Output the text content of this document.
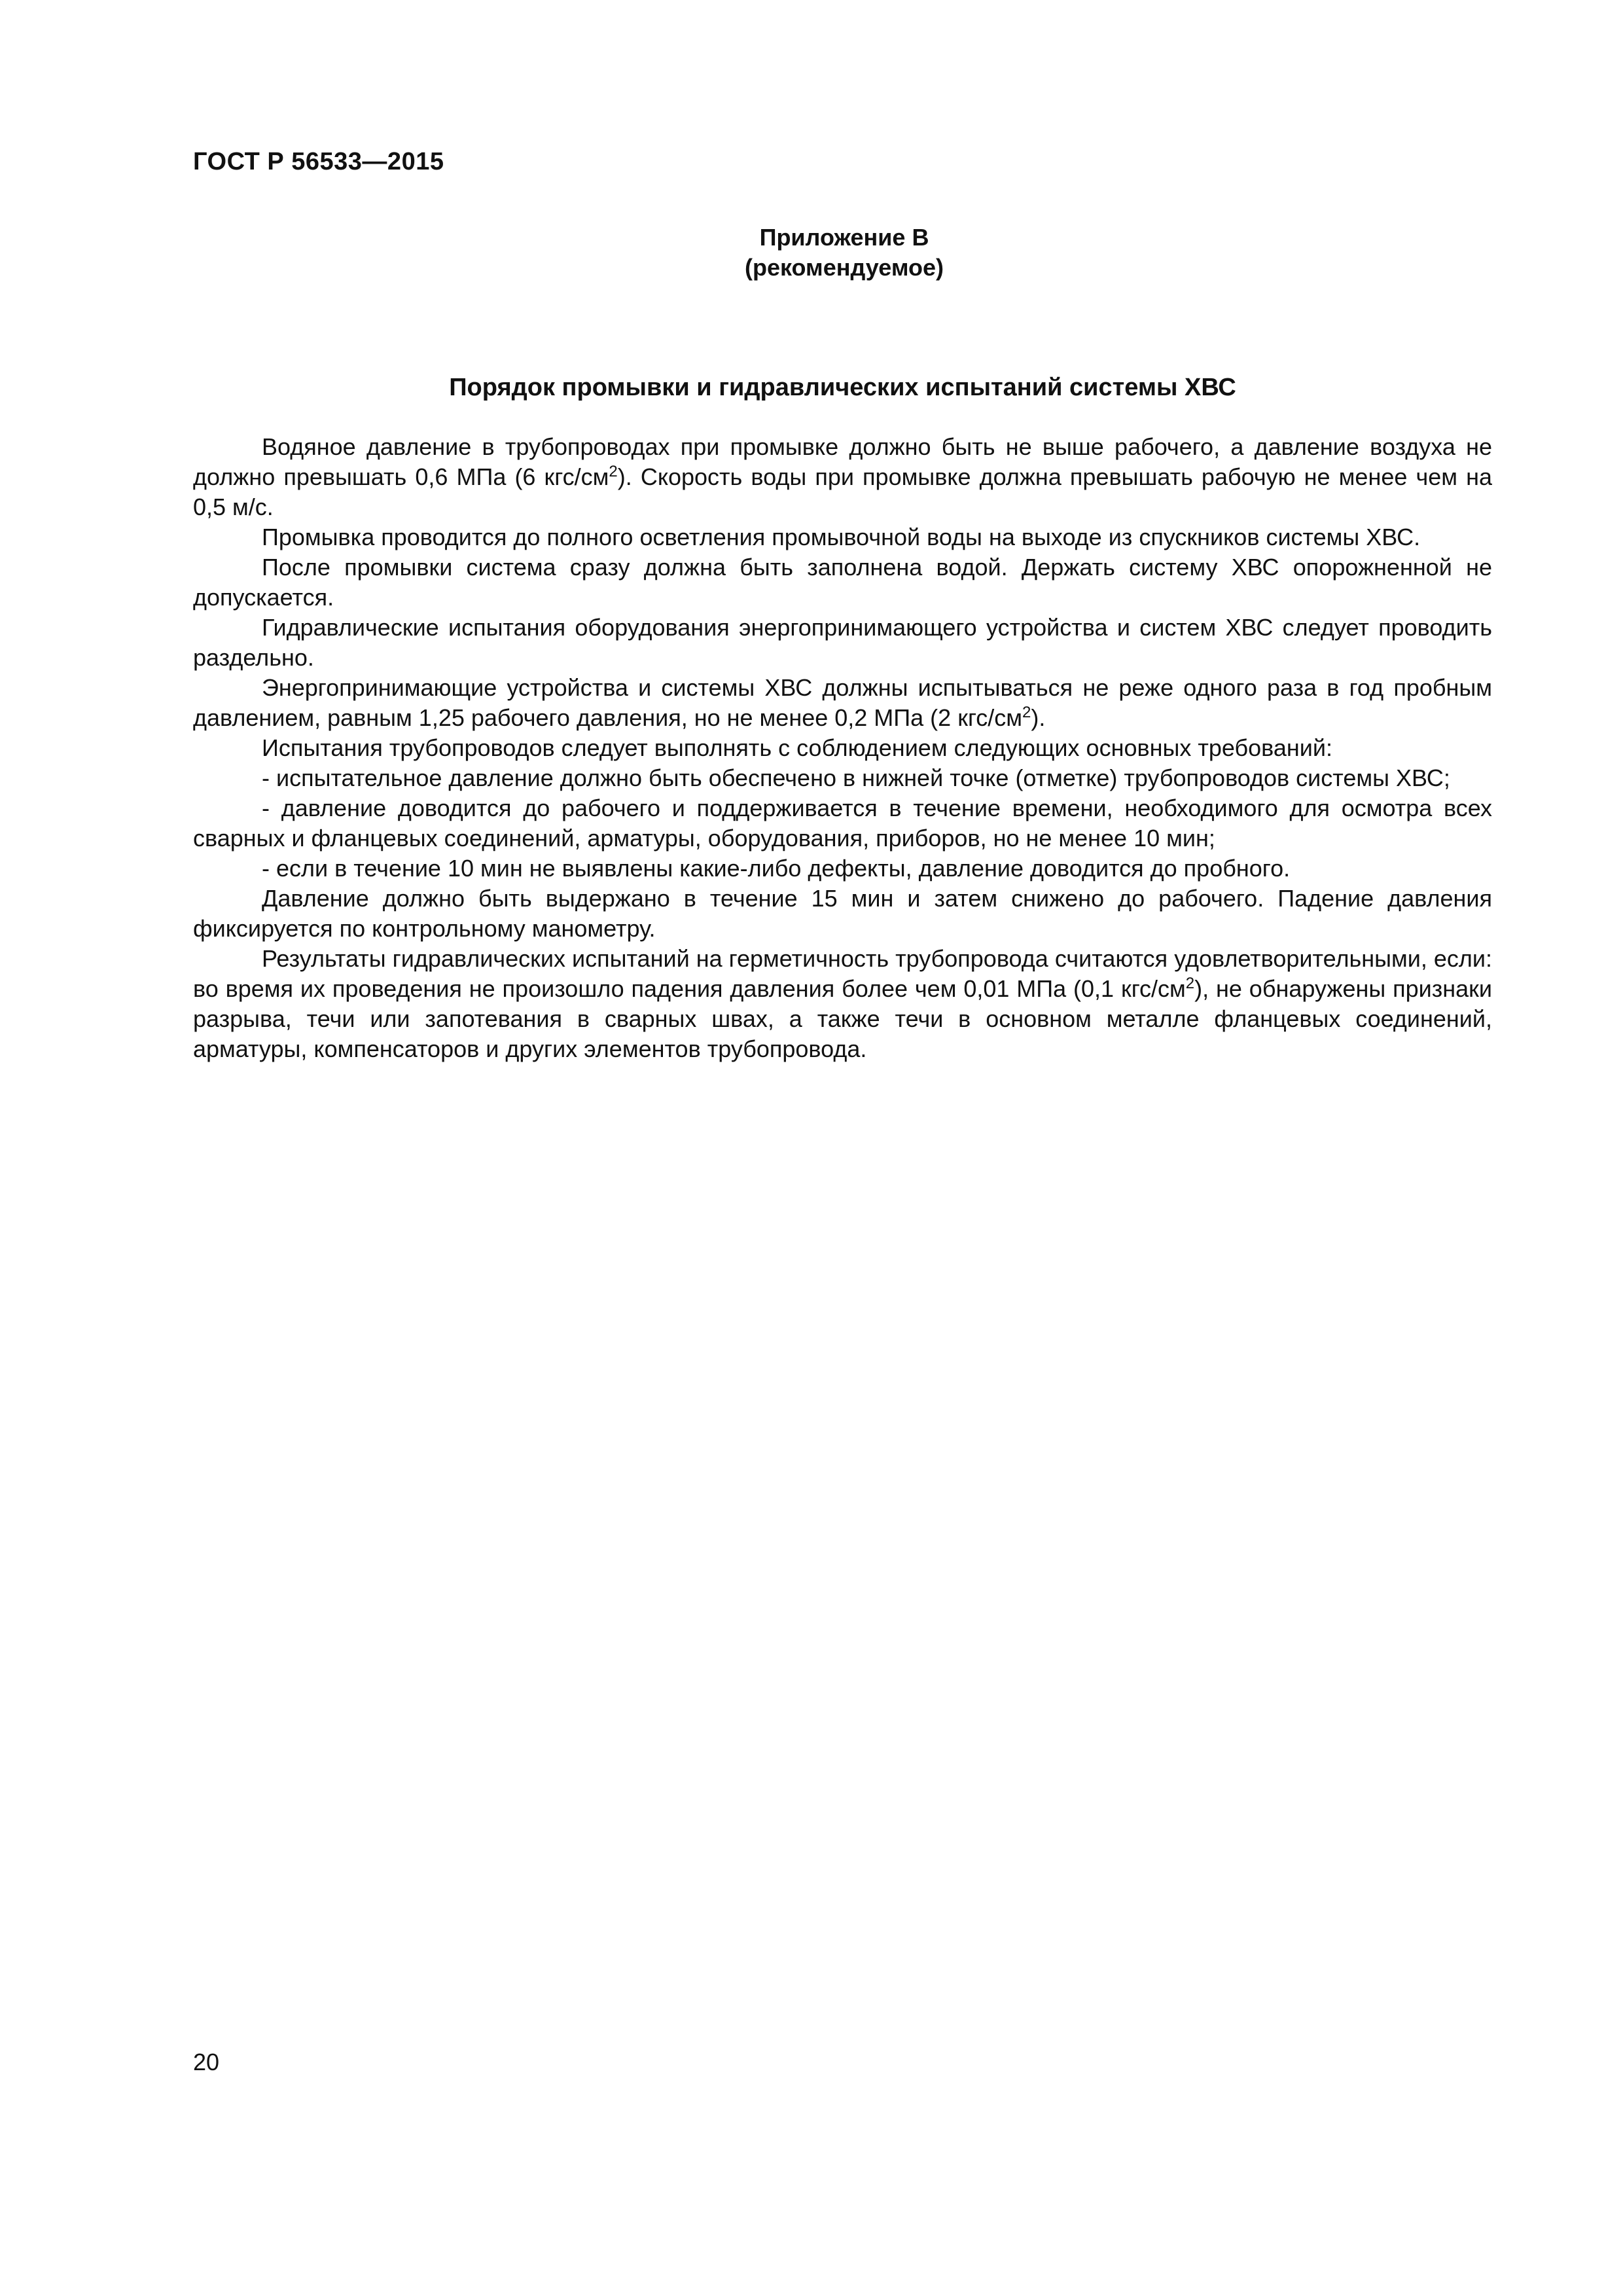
ГОСТ Р 56533—2015
Приложение В
(рекомендуемое)
Порядок промывки и гидравлических испытаний системы ХВС

Водяное давление в трубопроводах при промывке должно быть не выше рабочего, а давление воздуха не должно превышать 0,6 МПа (6 кгс/$см^2$). Скорость воды при промывке должна превышать рабочую не менее чем на 0,5 м/с.

Промывка проводится до полного осветления промывочной воды на выходе из спускников системы ХВС.

После промывки система сразу должна быть заполнена водой. Держать систему ХВС опорожненной не допускается.

Гидравлические испытания оборудования энергопринимающего устройства и систем ХВС следует проводить раздельно.

Энергопринимающие устройства и системы ХВС должны испытываться не реже одного раза в год пробным давлением, равным 1,25 рабочего давления, но не менее 0,2 МПа (2 кгс/$см^2$).

Испытания трубопроводов следует выполнять с соблюдением следующих основных требований:

- испытательное давление должно быть обеспечено в нижней точке (отметке) трубопроводов системы ХВС;

- давление доводится до рабочего и поддерживается в течение времени, необходимого для осмотра всех сварных и фланцевых соединений, арматуры, оборудования, приборов, но не менее 10 мин;

- если в течение 10 мин не выявлены какие-либо дефекты, давление доводится до пробного.

Давление должно быть выдержано в течение 15 мин и затем снижено до рабочего. Падение давления фиксируется по контрольному манометру.

Результаты гидравлических испытаний на герметичность трубопровода считаются удовлетворительными, если: во время их проведения не произошло падения давления более чем 0,01 МПа (0,1 кгс/$см^2$), не обнаружены признаки разрыва, течи или запотевания в сварных швах, а также течи в основном металле фланцевых соединений, арматуры, компенсаторов и других элементов трубопровода.

20
